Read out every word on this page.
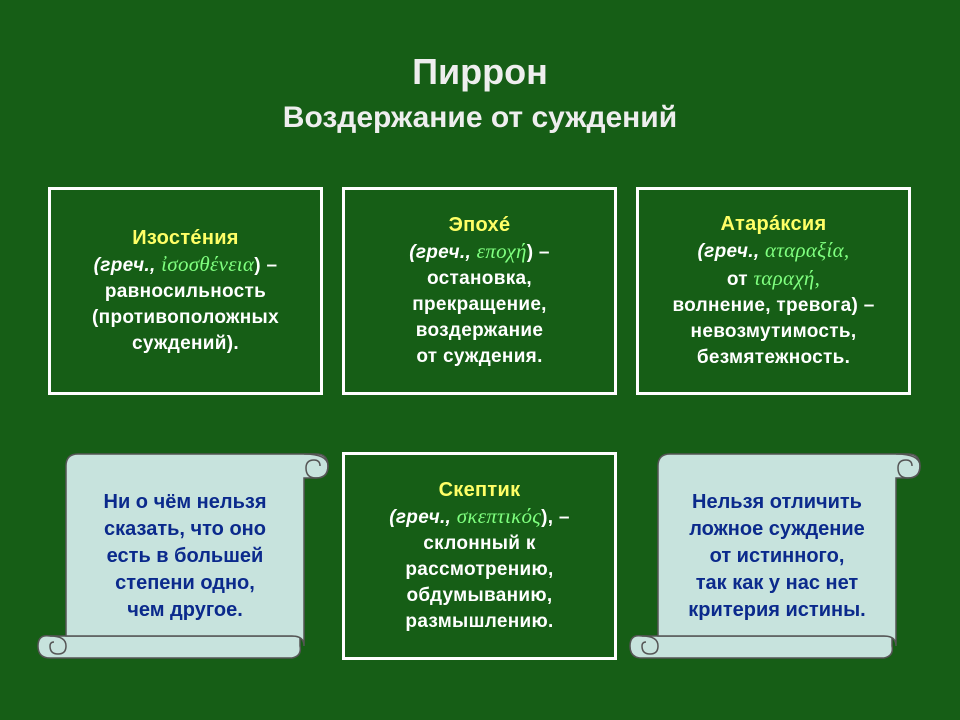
Пиррон
Воздержание от суждений
Изостéния
(греч., ἰσοσθένεια) –
равносильность
(противоположных
суждений).
Эпохé
(греч., εποχή) –
остановка,
прекращение,
воздержание
от суждения.
Атарáксия
(греч., αταραξία,
от ταραχή,
волнение, тревога) –
невозмутимость,
безмятежность.
Скептик
(греч., σκεπτικός), –
склонный к
рассмотрению,
обдумыванию,
размышлению.
Ни о чём нельзя
сказать, что оно
есть в большей
степени одно,
чем другое.
Нельзя отличить
ложное суждение
от истинного,
так как у нас нет
критерия истины.
